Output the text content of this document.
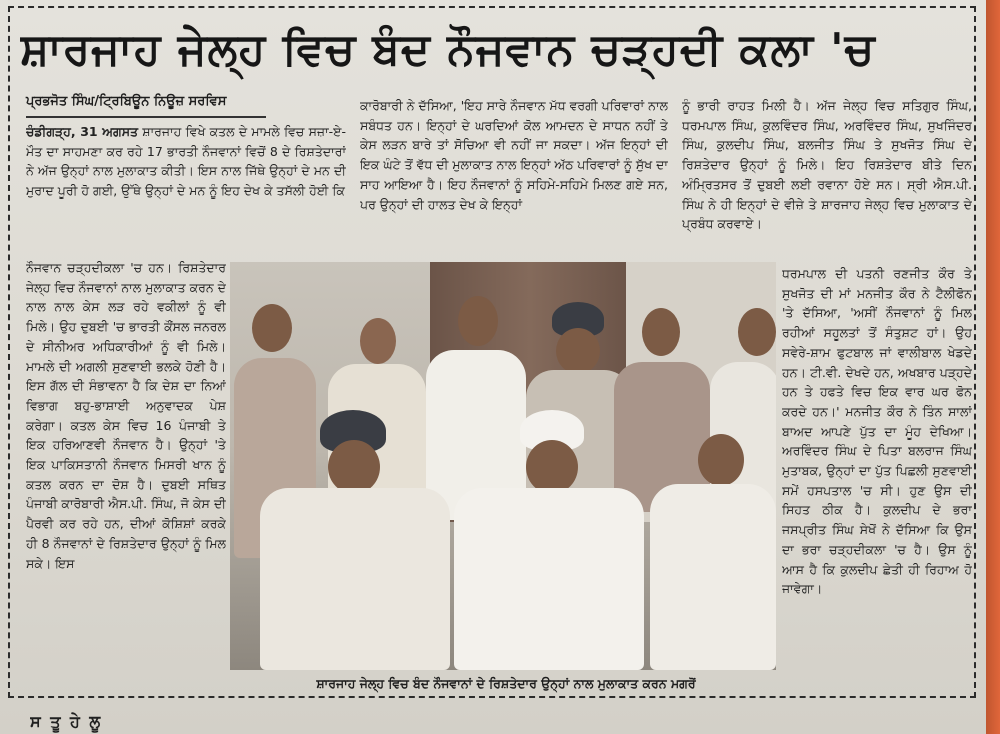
ਸ਼ਾਰਜਾਹ ਜੇਲ੍ਹ ਵਿਚ ਬੰਦ ਨੌਜਵਾਨ ਚੜ੍ਹਦੀ ਕਲਾ 'ਚ
ਪ੍ਰਭਜੋਤ ਸਿੰਘ/ਟ੍ਰਿਬਿਊਨ ਨਿਊਜ਼ ਸਰਵਿਸ

ਚੰਡੀਗੜ੍ਹ, 31 ਅਗਸਤ ਸ਼ਾਰਜਾਹ ਵਿਖੇ ਕਤਲ ਦੇ ਮਾਮਲੇ ਵਿਚ ਸਜ਼ਾ-ਏ-ਮੌਤ ਦਾ ਸਾਹਮਣਾ ਕਰ ਰਹੇ 17 ਭਾਰਤੀ ਨੌਜਵਾਨਾਂ ਵਿਚੋਂ 8 ਦੇ ਰਿਸ਼ਤੇਦਾਰਾਂ ਨੇ ਅੱਜ ਉਨ੍ਹਾਂ ਨਾਲ ਮੁਲਾਕਾਤ ਕੀਤੀ। ਇਸ ਨਾਲ ਜਿੱਥੇ ਉਨ੍ਹਾਂ ਦੇ ਮਨ ਦੀ ਮੁਰਾਦ ਪੂਰੀ ਹੋ ਗਈ, ਉੱਥੇ ਉਨ੍ਹਾਂ ਦੇ ਮਨ ਨੂੰ ਇਹ ਦੇਖ ਕੇ ਤਸੱਲੀ ਹੋਈ ਕਿ

ਨੌਜਵਾਨ ਚੜ੍ਹਦੀਕਲਾ 'ਚ ਹਨ। ਰਿਸ਼ਤੇਦਾਰ ਜੇਲ੍ਹ ਵਿਚ ਨੌਜਵਾਨਾਂ ਨਾਲ ਮੁਲਾਕਾਤ ਕਰਨ ਦੇ ਨਾਲ ਨਾਲ ਕੇਸ ਲੜ ਰਹੇ ਵਕੀਲਾਂ ਨੂੰ ਵੀ ਮਿਲੇ। ਉਹ ਦੁਬਈ 'ਚ ਭਾਰਤੀ ਕੌਂਸਲ ਜਨਰਲ ਦੇ ਸੀਨੀਅਰ ਅਧਿਕਾਰੀਆਂ ਨੂੰ ਵੀ ਮਿਲੇ। ਮਾਮਲੇ ਦੀ ਅਗਲੀ ਸੁਣਵਾਈ ਭਲਕੇ ਹੋਣੀ ਹੈ। ਇਸ ਗੱਲ ਦੀ ਸੰਭਾਵਨਾ ਹੈ ਕਿ ਦੇਸ਼ ਦਾ ਨਿਆਂ ਵਿਭਾਗ ਬਹੁ-ਭਾਸ਼ਾਈ ਅਨੁਵਾਦਕ ਪੇਸ਼ ਕਰੇਗਾ। ਕਤਲ ਕੇਸ ਵਿਚ 16 ਪੰਜਾਬੀ ਤੇ ਇਕ ਹਰਿਆਣਵੀ ਨੌਜਵਾਨ ਹੈ। ਉਨ੍ਹਾਂ 'ਤੇ ਇਕ ਪਾਕਿਸਤਾਨੀ ਨੌਜਵਾਨ ਮਿਸਰੀ ਖਾਨ ਨੂੰ ਕਤਲ ਕਰਨ ਦਾ ਦੋਸ਼ ਹੈ। ਦੁਬਈ ਸਥਿਤ ਪੰਜਾਬੀ ਕਾਰੋਬਾਰੀ ਐਸ.ਪੀ. ਸਿੰਘ, ਜੋ ਕੇਸ ਦੀ ਪੈਰਵੀ ਕਰ ਰਹੇ ਹਨ, ਦੀਆਂ ਕੋਸ਼ਿਸ਼ਾਂ ਕਰਕੇ ਹੀ 8 ਨੌਜਵਾਨਾਂ ਦੇ ਰਿਸ਼ਤੇਦਾਰ ਉਨ੍ਹਾਂ ਨੂੰ ਮਿਲ ਸਕੇ। ਇਸ

ਕਾਰੋਬਾਰੀ ਨੇ ਦੱਸਿਆ, 'ਇਹ ਸਾਰੇ ਨੌਜਵਾਨ ਮੱਧ ਵਰਗੀ ਪਰਿਵਾਰਾਂ ਨਾਲ ਸਬੰਧਤ ਹਨ। ਇਨ੍ਹਾਂ ਦੇ ਘਰਦਿਆਂ ਕੋਲ ਆਮਦਨ ਦੇ ਸਾਧਨ ਨਹੀਂ ਤੇ ਕੇਸ ਲੜਨ ਬਾਰੇ ਤਾਂ ਸੋਚਿਆ ਵੀ ਨਹੀਂ ਜਾ ਸਕਦਾ। ਅੱਜ ਇਨ੍ਹਾਂ ਦੀ ਇਕ ਘੰਟੇ ਤੋਂ ਵੱਧ ਦੀ ਮੁਲਾਕਾਤ ਨਾਲ ਇਨ੍ਹਾਂ ਅੱਠ ਪਰਿਵਾਰਾਂ ਨੂੰ ਸੁੱਖ ਦਾ ਸਾਹ ਆਇਆ ਹੈ। ਇਹ ਨੌਜਵਾਨਾਂ ਨੂੰ ਸਹਿਮੇ-ਸਹਿਮੇ ਮਿਲਣ ਗਏ ਸਨ, ਪਰ ਉਨ੍ਹਾਂ ਦੀ ਹਾਲਤ ਦੇਖ ਕੇ ਇਨ੍ਹਾਂ

ਨੂੰ ਭਾਰੀ ਰਾਹਤ ਮਿਲੀ ਹੈ। ਅੱਜ ਜੇਲ੍ਹ ਵਿਚ ਸਤਿਗੁਰ ਸਿੰਘ, ਧਰਮਪਾਲ ਸਿੰਘ, ਕੁਲਵਿੰਦਰ ਸਿੰਘ, ਅਰਵਿੰਦਰ ਸਿੰਘ, ਸੁਖਜਿੰਦਰ ਸਿੰਘ, ਕੁਲਦੀਪ ਸਿੰਘ, ਬਲਜੀਤ ਸਿੰਘ ਤੇ ਸੁਖਜੋਤ ਸਿੰਘ ਦੇ ਰਿਸ਼ਤੇਦਾਰ ਉਨ੍ਹਾਂ ਨੂੰ ਮਿਲੇ। ਇਹ ਰਿਸ਼ਤੇਦਾਰ ਬੀਤੇ ਦਿਨ ਅੰਮ੍ਰਿਤਸਰ ਤੋਂ ਦੁਬਈ ਲਈ ਰਵਾਨਾ ਹੋਏ ਸਨ। ਸ੍ਰੀ ਐਸ.ਪੀ. ਸਿੰਘ ਨੇ ਹੀ ਇਨ੍ਹਾਂ ਦੇ ਵੀਜ਼ੇ ਤੇ ਸ਼ਾਰਜਾਹ ਜੇਲ੍ਹ ਵਿਚ ਮੁਲਾਕਾਤ ਦੇ ਪ੍ਰਬੰਧ ਕਰਵਾਏ।

ਧਰਮਪਾਲ ਦੀ ਪਤਨੀ ਰਣਜੀਤ ਕੌਰ ਤੇ ਸੁਖਜੋਤ ਦੀ ਮਾਂ ਮਨਜੀਤ ਕੌਰ ਨੇ ਟੈਲੀਫੋਨ 'ਤੇ ਦੱਸਿਆ, 'ਅਸੀਂ ਨੌਜਵਾਨਾਂ ਨੂੰ ਮਿਲ ਰਹੀਆਂ ਸਹੂਲਤਾਂ ਤੋਂ ਸੰਤੁਸ਼ਟ ਹਾਂ। ਉਹ ਸਵੇਰੇ-ਸ਼ਾਮ ਫੁਟਬਾਲ ਜਾਂ ਵਾਲੀਬਾਲ ਖੇਡਦੇ ਹਨ। ਟੀ.ਵੀ. ਦੇਖਦੇ ਹਨ, ਅਖਬਾਰ ਪੜ੍ਹਦੇ ਹਨ ਤੇ ਹਫਤੇ ਵਿਚ ਇਕ ਵਾਰ ਘਰ ਫੋਨ ਕਰਦੇ ਹਨ।' ਮਨਜੀਤ ਕੌਰ ਨੇ ਤਿੰਨ ਸਾਲਾਂ ਬਾਅਦ ਆਪਣੇ ਪੁੱਤ ਦਾ ਮੂੰਹ ਦੇਖਿਆ। ਅਰਵਿੰਦਰ ਸਿੰਘ ਦੇ ਪਿਤਾ ਬਲਰਾਜ ਸਿੰਘ ਮੁਤਾਬਕ, ਉਨ੍ਹਾਂ ਦਾ ਪੁੱਤ ਪਿਛਲੀ ਸੁਣਵਾਈ ਸਮੇਂ ਹਸਪਤਾਲ 'ਚ ਸੀ। ਹੁਣ ਉਸ ਦੀ ਸਿਹਤ ਠੀਕ ਹੈ। ਕੁਲਦੀਪ ਦੇ ਭਰਾ ਜਸਪ੍ਰੀਤ ਸਿੰਘ ਸੇਖੋਂ ਨੇ ਦੱਸਿਆ ਕਿ ਉਸ ਦਾ ਭਰਾ ਚੜ੍ਹਦੀਕਲਾ 'ਚ ਹੈ। ਉਸ ਨੂੰ ਆਸ ਹੈ ਕਿ ਕੁਲਦੀਪ ਛੇਤੀ ਹੀ ਰਿਹਾਅ ਹੋ ਜਾਵੇਗਾ।

ਸ਼ਾਰਜਾਹ ਜੇਲ੍ਹ ਵਿਚ ਬੰਦ ਨੌਜਵਾਨਾਂ ਦੇ ਰਿਸ਼ਤੇਦਾਰ ਉਨ੍ਹਾਂ ਨਾਲ ਮੁਲਾਕਾਤ ਕਰਨ ਮਗਰੋਂ
ਸ ਤੂ ਹੇ ਲੂ
